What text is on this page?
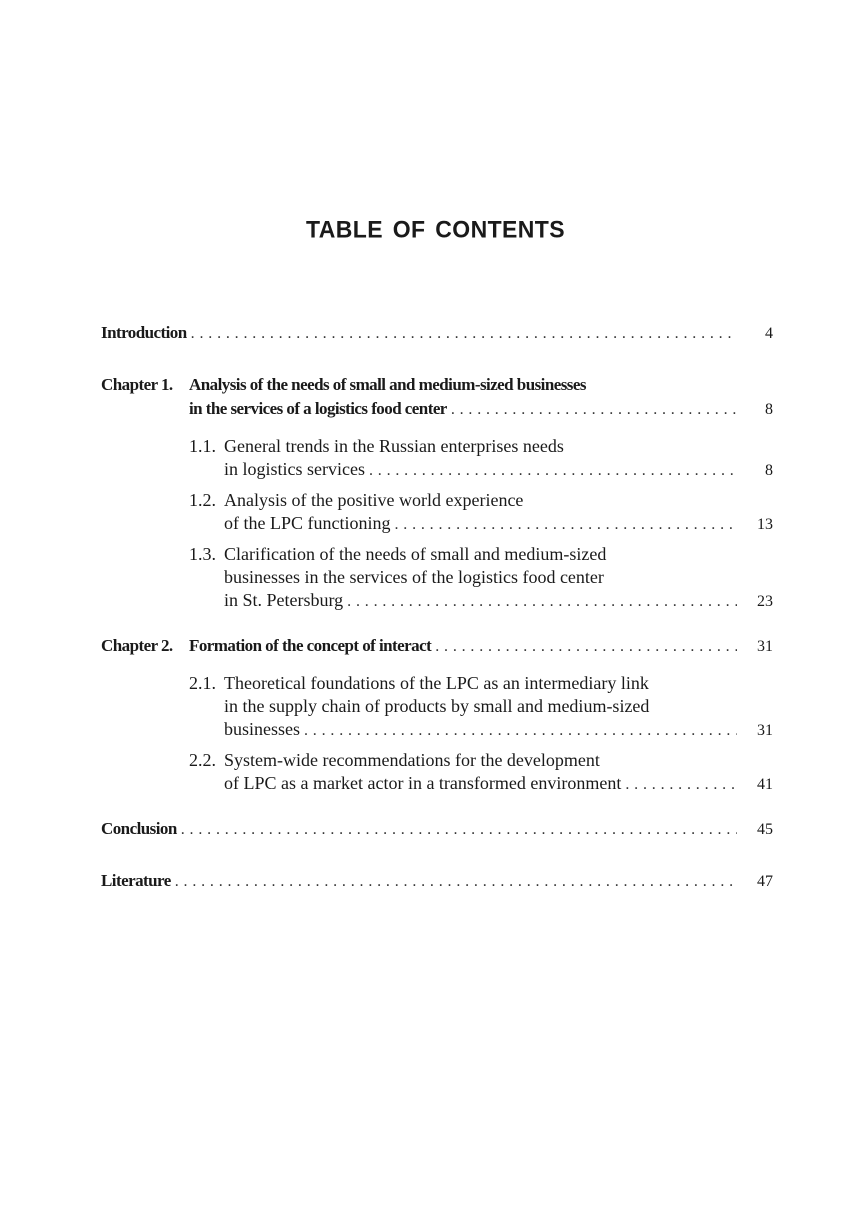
TABLE OF CONTENTS
Introduction . . .	4
Chapter 1. Analysis of the needs of small and medium-sized businesses
in the services of a logistics food center . . .	8
1.1. General trends in the Russian enterprises needs
in logistics services . . .	8
1.2. Analysis of the positive world experience
of the LPC functioning . . .	13
1.3. Clarification of the needs of small and medium-sized
businesses in the services of the logistics food center
in St. Petersburg . . .	23
Chapter 2. Formation of the concept of interact . . .	31
2.1. Theoretical foundations of the LPC as an intermediary link
in the supply chain of products by small and medium-sized
businesses . . .	31
2.2. System-wide recommendations for the development
of LPC as a market actor in a transformed environment . . .	41
Conclusion . . .	45
Literature . . .	47
